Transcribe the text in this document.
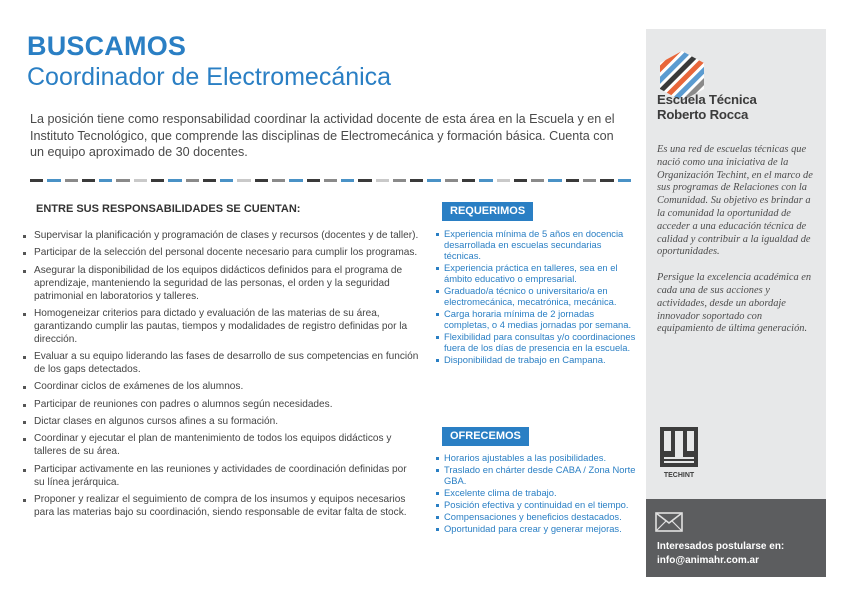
BUSCAMOS
Coordinador de Electromecánica
La posición tiene como responsabilidad coordinar la actividad docente de esta área en la Escuela y en el Instituto Tecnológico, que comprende las disciplinas de Electromecánica y formación básica. Cuenta con un equipo aproximado de 30 docentes.
ENTRE SUS RESPONSABILIDADES SE CUENTAN:
Supervisar la planificación y programación de clases y recursos (docentes y de taller).
Participar de la selección del personal docente necesario para cumplir los programas.
Asegurar la disponibilidad de los equipos didácticos definidos para el programa de aprendizaje, manteniendo la seguridad de las personas, el orden y la seguridad patrimonial en laboratorios y talleres.
Homogeneizar criterios para dictado y evaluación de las materias de su área, garantizando cumplir las pautas, tiempos y modalidades de registro definidas por la dirección.
Evaluar a su equipo liderando las fases de desarrollo de sus competencias en función de los gaps detectados.
Coordinar ciclos de exámenes de los alumnos.
Participar de reuniones con padres o alumnos según necesidades.
Dictar clases en algunos cursos afines a su formación.
Coordinar y ejecutar el plan de mantenimiento de todos los equipos didácticos y talleres de su área.
Participar activamente en las reuniones y actividades de coordinación definidas por su línea jerárquica.
Proponer y realizar el seguimiento de compra de los insumos y equipos necesarios para las materias bajo su coordinación, siendo responsable de evitar falta de stock.
REQUERIMOS
Experiencia mínima de 5 años en docencia desarrollada en escuelas secundarias técnicas.
Experiencia práctica en talleres, sea en el ámbito educativo o empresarial.
Graduado/a técnico o universitario/a en electromecánica, mecatrónica, mecánica.
Carga horaria mínima de 2 jornadas completas, o 4 medias jornadas por semana.
Flexibilidad para consultas y/o coordinaciones fuera de los días de presencia en la escuela.
Disponibilidad de trabajo en Campana.
OFRECEMOS
Horarios ajustables a las posibilidades.
Traslado en chárter desde CABA / Zona Norte GBA.
Excelente clima de trabajo.
Posición efectiva y continuidad en el tiempo.
Compensaciones y beneficios destacados.
Oportunidad para crear y generar mejoras.
Escuela Técnica
Roberto Rocca

Es una red de escuelas técnicas que nació como una iniciativa de la Organización Techint, en el marco de sus programas de Relaciones con la Comunidad. Su objetivo es brindar a la comunidad la oportunidad de acceder a una educación técnica de calidad y contribuir a la igualdad de oportunidades.

Persigue la excelencia académica en cada una de sus acciones y actividades, desde un abordaje innovador soportado con equipamiento de última generación.

TECHINT
Interesados postularse en:
info@animahr.com.ar
